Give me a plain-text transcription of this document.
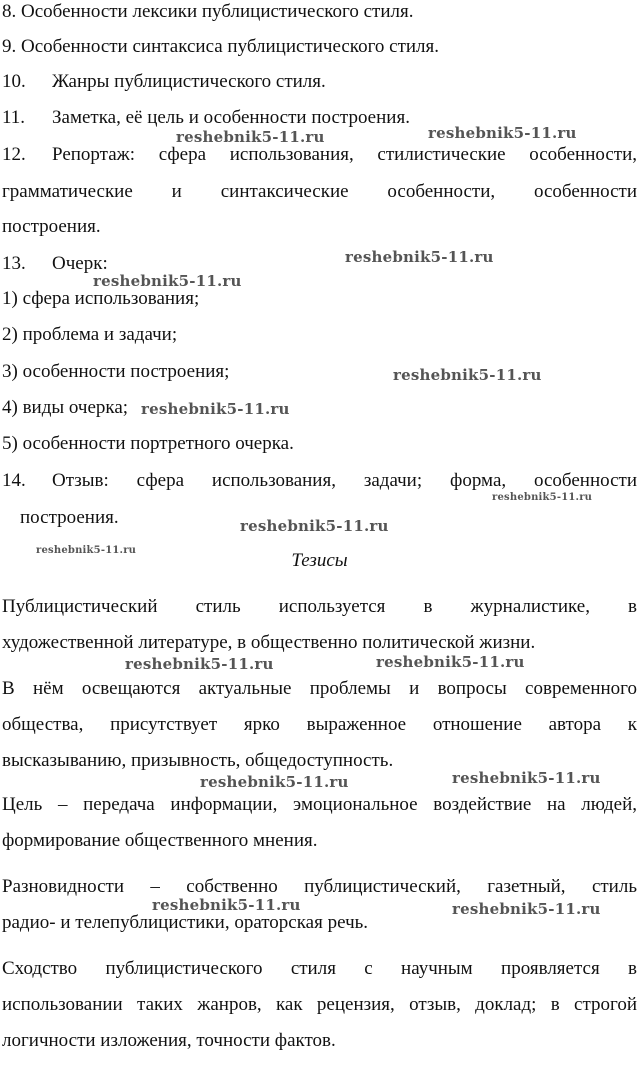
8. Особенности лексики публицистического стиля.
9. Особенности синтаксиса публицистического стиля.
10. Жанры публицистического стиля.
11. Заметка, её цель и особенности построения.
12. Репортаж: сфера использования, стилистические особенности,
грамматические и синтаксические особенности, особенности
построения.
13. Очерк:
1) сфера использования;
2) проблема и задачи;
3) особенности построения;
4) виды очерка;
5) особенности портретного очерка.
14. Отзыв: сфера использования, задачи; форма, особенности
построения.
Тезисы
Публицистический стиль используется в журналистике, в
художественной литературе, в общественно политической жизни.
В нём освещаются актуальные проблемы и вопросы современного
общества, присутствует ярко выраженное отношение автора к
высказыванию, призывность, общедоступность.
Цель – передача информации, эмоциональное воздействие на людей,
формирование общественного мнения.
Разновидности – собственно публицистический, газетный, стиль
радио- и телепублицистики, ораторская речь.
Сходство публицистического стиля с научным проявляется в
использовании таких жанров, как рецензия, отзыв, доклад; в строгой
логичности изложения, точности фактов.
reshebnik5-11.ru	reshebnik5-11.ru
reshebnik5-11.ru
reshebnik5-11.ru
reshebnik5-11.ru
reshebnik5-11.ru
reshebnik5-11.ru
reshebnik5-11.ru
reshebnik5-11.ru
reshebnik5-11.ru	reshebnik5-11.ru
reshebnik5-11.ru	reshebnik5-11.ru
reshebnik5-11.ru	reshebnik5-11.ru
